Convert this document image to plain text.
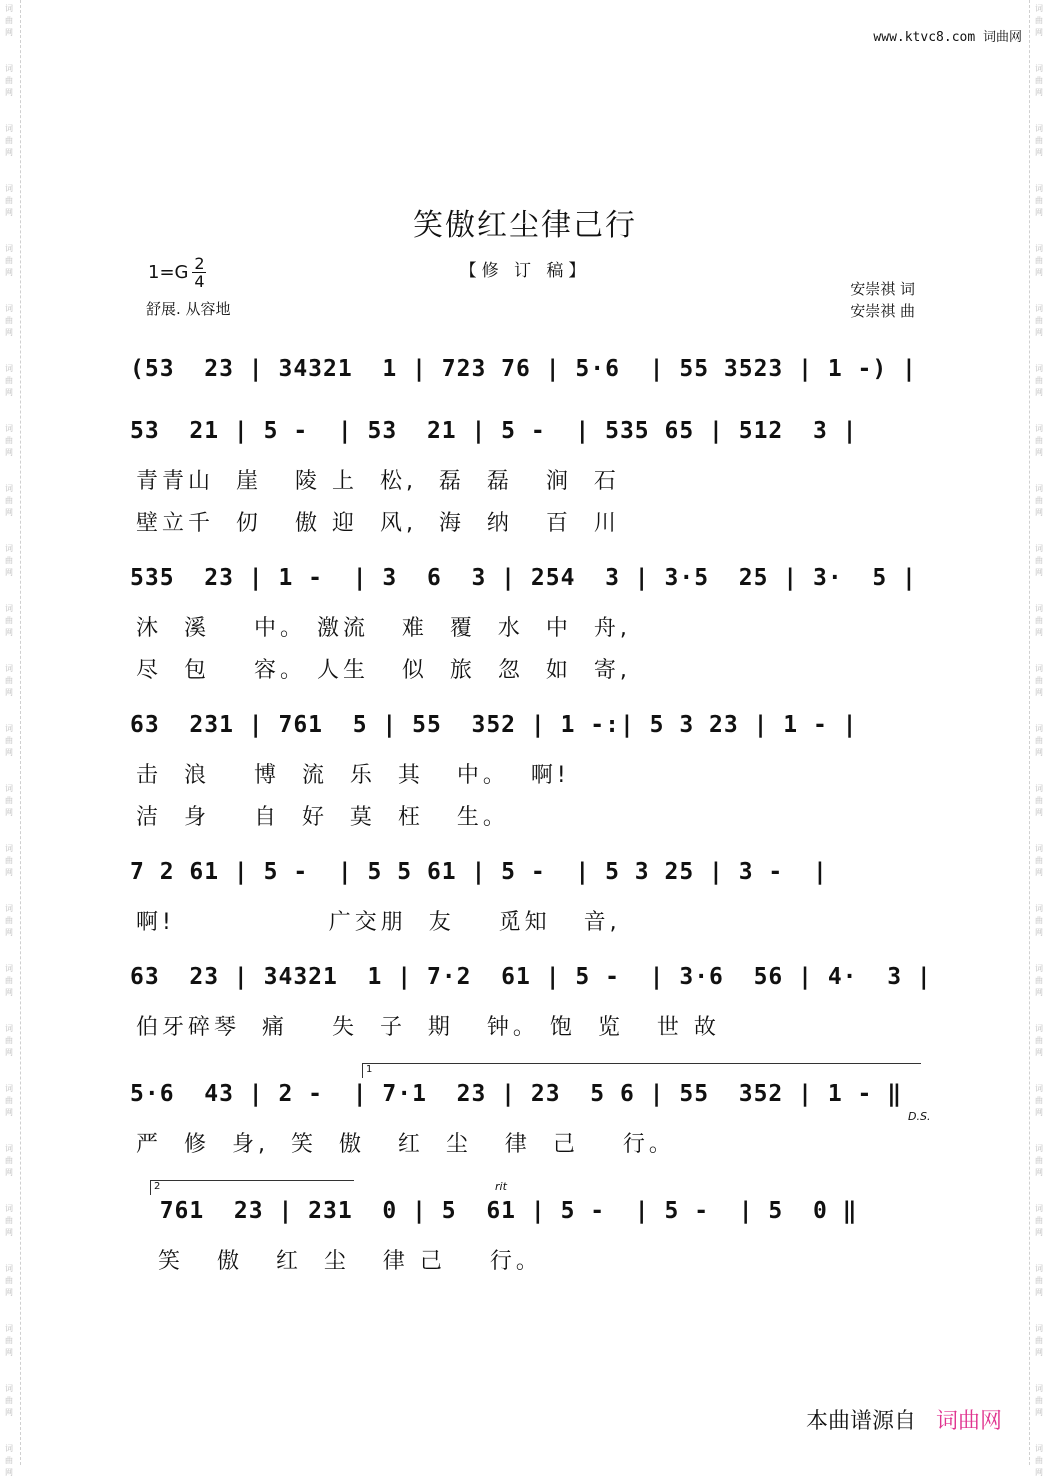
词
曲
网
词
曲
网
词
曲
网
词
曲
网
词
曲
网
词
曲
网
词
曲
网
词
曲
网
词
曲
网
词
曲
网
词
曲
网
词
曲
网
词
曲
网
词
曲
网
词
曲
网
词
曲
网
词
曲
网
词
曲
网
词
曲
网
词
曲
网
词
曲
网
词
曲
网
词
曲
网
词
曲
网
词
曲
网
词
曲
网
词
曲
网
词
曲
网
词
曲
网
词
曲
网
词
曲
网
词
曲
网
词
曲
网
词
曲
网
词
曲
网
词
曲
网
词
曲
网
词
曲
网
词
曲
网
词
曲
网
词
曲
网
词
曲
网
词
曲
网
词
曲
网
词
曲
网
词
曲
网
词
曲
网
词
曲
网
词
曲
网
词
曲
网
www.ktvc8.com 词曲网
笑傲红尘律己行
【修 订 稿】
$1=G \frac{2}{4}$
舒展. 从容地
安崇祺 词
安崇祺 曲
(53  23 | 34321  1 | 723 76 | 5·6  | 55 3523 | 1 -) |
53  21 | 5 -  | 53  21 | 5 -  | 535 65 | 512  3 |
青青山  崖   陵 上  松,  磊  磊   涧  石
壁立千  仞   傲 迎  风,  海  纳   百  川
535  23 | 1 -  | 3  6  3 | 254  3 | 3·5  25 | 3·  5 |
沐  溪    中。 激流   难  覆  水  中  舟,
尽  包    容。 人生   似  旅  忽  如  寄,
63  231 | 761  5 | 55  352 | 1 -:| 5 3 23 | 1 - |
击  浪    博  流  乐  其   中。  啊!
洁  身    自  好  莫  枉   生。
7 2 61 | 5 -  | 5 5 61 | 5 -  | 5 3 25 | 3 -  |
啊!              广交朋  友    觅知   音,
63  23 | 34321  1 | 7·2  61 | 5 -  | 3·6  56 | 4·  3 |
伯牙碎琴  痛    失  子  期   钟。 饱  览   世 故
1
5·6  43 | 2 -  | 7·1  23 | 23  5 6 | 55  352 | 1 - ‖
D.S.
严  修  身,  笑  傲   红  尘   律  己    行。
2	rit
761  23 | 231  0 | 5  61 | 5 -  | 5 -  | 5  0 ‖
笑   傲   红  尘   律 己    行。
本曲谱源自 词曲网
